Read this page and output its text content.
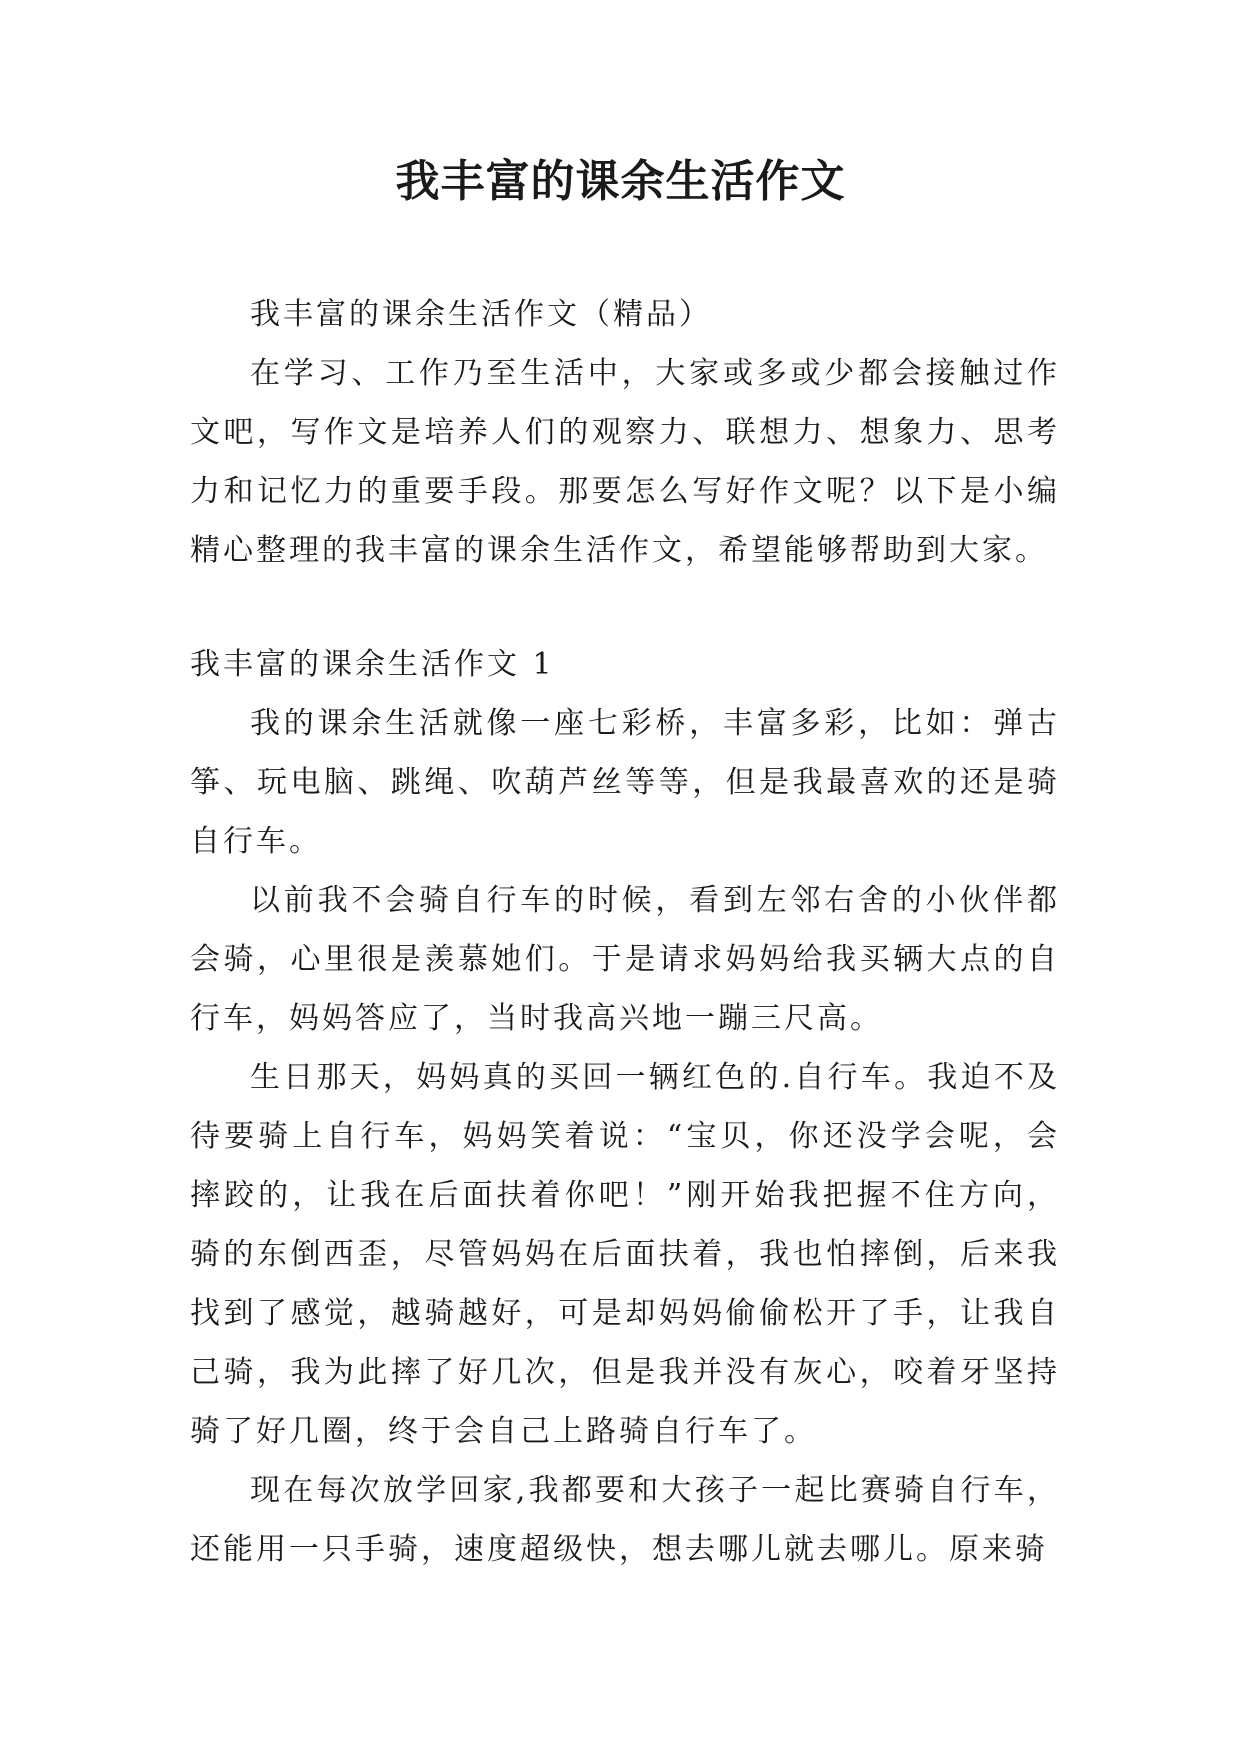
我丰富的课余生活作文

我丰富的课余生活作文（精品）

在学习、工作乃至生活中，大家或多或少都会接触过作文吧，写作文是培养人们的观察力、联想力、想象力、思考力和记忆力的重要手段。那要怎么写好作文呢？以下是小编精心整理的我丰富的课余生活作文，希望能够帮助到大家。

我丰富的课余生活作文 1

我的课余生活就像一座七彩桥，丰富多彩，比如：弹古筝、玩电脑、跳绳、吹葫芦丝等等，但是我最喜欢的还是骑自行车。

以前我不会骑自行车的时候，看到左邻右舍的小伙伴都会骑，心里很是羡慕她们。于是请求妈妈给我买辆大点的自行车，妈妈答应了，当时我高兴地一蹦三尺高。

生日那天，妈妈真的买回一辆红色的.自行车。我迫不及待要骑上自行车，妈妈笑着说：“宝贝，你还没学会呢，会摔跤的，让我在后面扶着你吧！”刚开始我把握不住方向，骑的东倒西歪，尽管妈妈在后面扶着，我也怕摔倒，后来我找到了感觉，越骑越好，可是却妈妈偷偷松开了手，让我自己骑，我为此摔了好几次，但是我并没有灰心，咬着牙坚持骑了好几圈，终于会自己上路骑自行车了。

现在每次放学回家,我都要和大孩子一起比赛骑自行车，还能用一只手骑，速度超级快，想去哪儿就去哪儿。原来骑
